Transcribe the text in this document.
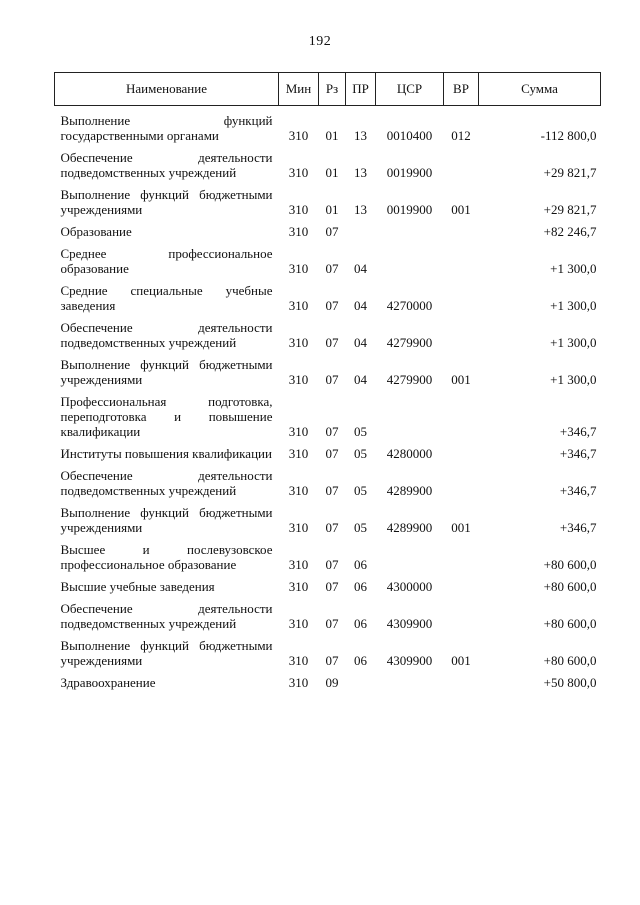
192
Наименование	Мин	Рз	ПР	ЦСР	ВР	Сумма
Выполнение функций государственными органами	310	01	13	0010400	012	-112 800,0
Обеспечение деятельности подведомственных учреждений	310	01	13	0019900		+29 821,7
Выполнение функций бюджетными учреждениями	310	01	13	0019900	001	+29 821,7
Образование	310	07				+82 246,7
Среднее профессиональное образование	310	07	04			+1 300,0
Средние специальные учебные заведения	310	07	04	4270000		+1 300,0
Обеспечение деятельности подведомственных учреждений	310	07	04	4279900		+1 300,0
Выполнение функций бюджетными учреждениями	310	07	04	4279900	001	+1 300,0
Профессиональная подготовка, переподготовка и повышение квалификации	310	07	05			+346,7
Институты повышения квалификации	310	07	05	4280000		+346,7
Обеспечение деятельности подведомственных учреждений	310	07	05	4289900		+346,7
Выполнение функций бюджетными учреждениями	310	07	05	4289900	001	+346,7
Высшее и послевузовское профессиональное образование	310	07	06			+80 600,0
Высшие учебные заведения	310	07	06	4300000		+80 600,0
Обеспечение деятельности подведомственных учреждений	310	07	06	4309900		+80 600,0
Выполнение функций бюджетными учреждениями	310	07	06	4309900	001	+80 600,0
Здравоохранение	310	09				+50 800,0
